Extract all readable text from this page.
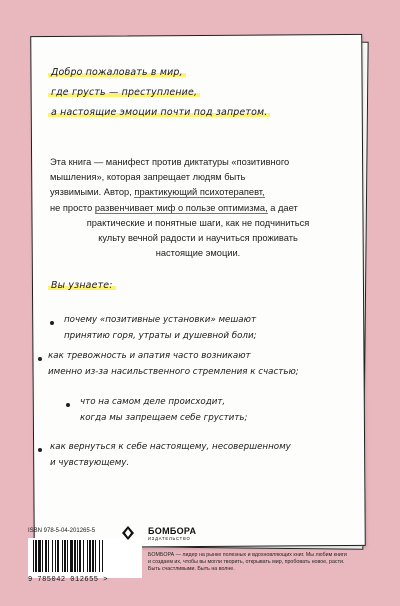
Добро пожаловать в мир,
где грусть — преступление,
а настоящие эмоции почти под запретом.
Эта книга — манифест против диктатуры «позитивного
мышления», которая запрещает людям быть
уязвимыми. Автор, практикующий психотерапевт,
не просто развенчивает миф о пользе оптимизма, а дает
практические и понятные шаги, как не подчиниться
культу вечной радости и научиться проживать
настоящие эмоции.
Вы узнаете:
почему «позитивные установки» мешают
принятию горя, утраты и душевной боли;
как тревожность и апатия часто возникают
именно из-за насильственного стремления к счастью;
что на самом деле происходит,
когда мы запрещаем себе грустить;
как вернуться к себе настоящему, несовершенному
и чувствующему.
ISBN 978-5-04-201265-5
9 785042 012655 >
БОМБОРА
ИЗДАТЕЛЬСТВО
БОМБОРА — лидер на рынке полезных и вдохновляющих книг. Мы любим книги и создаем их, чтобы вы могли творить, открывать мир, пробовать новое, расти. Быть счастливыми. Быть на волне.
